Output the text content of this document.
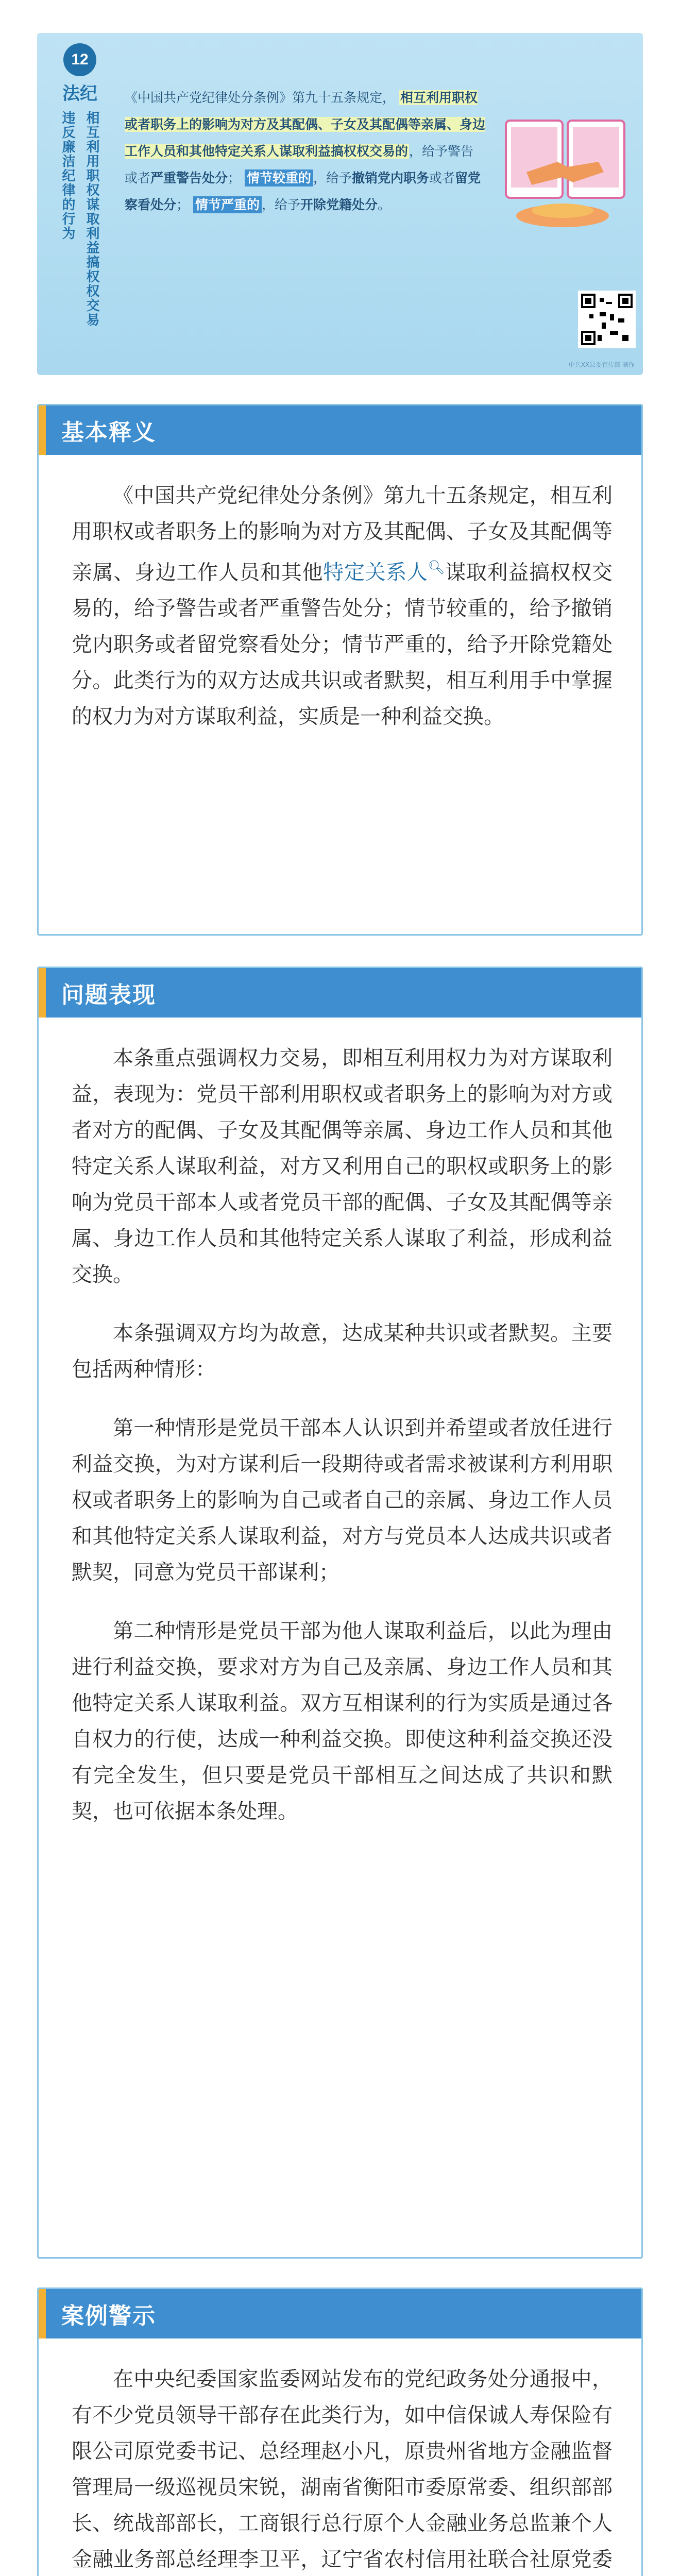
12
法纪
违反廉洁纪律的行为 相互利用职权谋取利益搞权权交易
《中国共产党纪律处分条例》第九十五条规定， 相互利用职权或者职务上的影响为对方及其配偶、子女及其配偶等亲属、身边工作人员和其他特定关系人谋取利益搞权权交易的，给予警告或者严重警告处分； 情节较重的 ，给予撤销党内职务或者留党察看处分； 情节严重的 ，给予开除党籍处分。
中共XX县委宣传部 制作
基本释义

《中国共产党纪律处分条例》第九十五条规定，相互利用职权或者职务上的影响为对方及其配偶、子女及其配偶等亲属、身边工作人员和其他特定关系人🔍︎谋取利益搞权权交易的，给予警告或者严重警告处分；情节较重的，给予撤销党内职务或者留党察看处分；情节严重的，给予开除党籍处分。此类行为的双方达成共识或者默契，相互利用手中掌握的权力为对方谋取利益，实质是一种利益交换。

问题表现

本条重点强调权力交易，即相互利用权力为对方谋取利益，表现为：党员干部利用职权或者职务上的影响为对方或者对方的配偶、子女及其配偶等亲属、身边工作人员和其他特定关系人谋取利益，对方又利用自己的职权或职务上的影响为党员干部本人或者党员干部的配偶、子女及其配偶等亲属、身边工作人员和其他特定关系人谋取了利益，形成利益交换。

本条强调双方均为故意，达成某种共识或者默契。主要包括两种情形：

第一种情形是党员干部本人认识到并希望或者放任进行利益交换，为对方谋利后一段期待或者需求被谋利方利用职权或者职务上的影响为自己或者自己的亲属、身边工作人员和其他特定关系人谋取利益，对方与党员本人达成共识或者默契，同意为党员干部谋利；

第二种情形是党员干部为他人谋取利益后，以此为理由进行利益交换，要求对方为自己及亲属、身边工作人员和其他特定关系人谋取利益。双方互相谋利的行为实质是通过各自权力的行使，达成一种利益交换。即使这种利益交换还没有完全发生，但只要是党员干部相互之间达成了共识和默契，也可依据本条处理。

案例警示

在中央纪委国家监委网站发布的党纪政务处分通报中，有不少党员领导干部存在此类行为，如中信保诚人寿保险有限公司原党委书记、总经理赵小凡，原贵州省地方金融监督管理局一级巡视员宋锐，湖南省衡阳市委原常委、组织部部长、统战部部长，工商银行总行原个人金融业务总监兼个人金融业务部总经理李卫平，辽宁省农村信用社联合社原党委
